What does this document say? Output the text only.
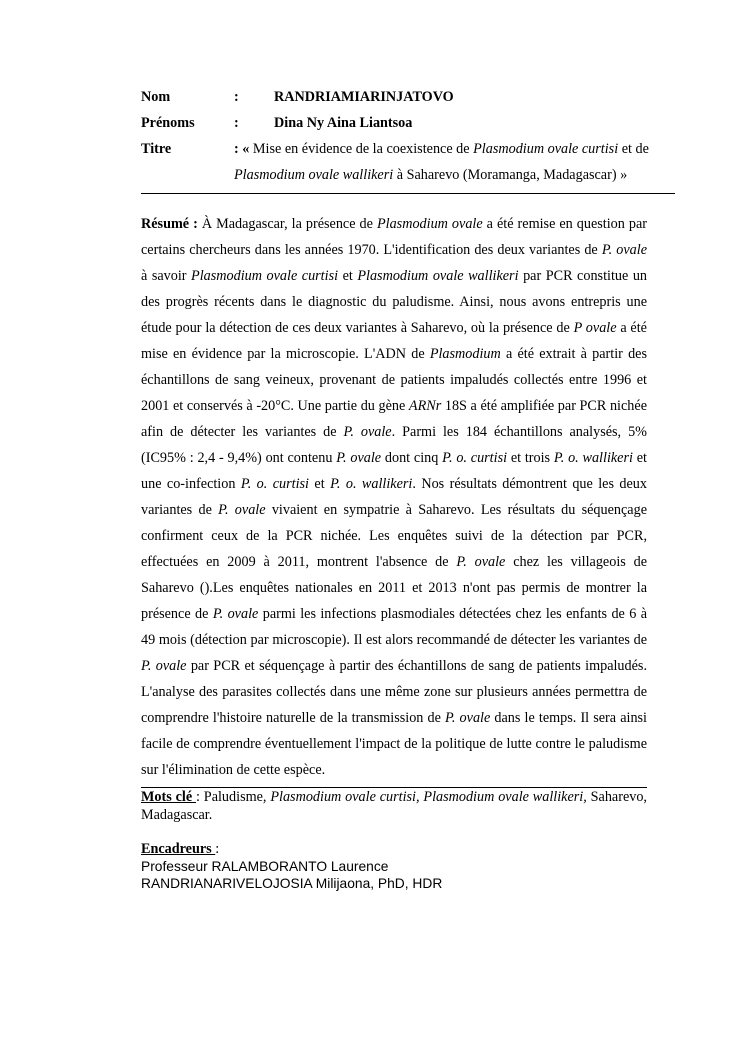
Nom	: RANDRIAMIARINJATOVO
Prénoms	: Dina Ny Aina Liantsoa
Titre	: « Mise en évidence de la coexistence de Plasmodium ovale curtisi et de Plasmodium ovale wallikeri à Saharevo (Moramanga, Madagascar) »
Résumé : À Madagascar, la présence de Plasmodium ovale a été remise en question par certains chercheurs dans les années 1970. L'identification des deux variantes de P. ovale à savoir Plasmodium ovale curtisi et Plasmodium ovale wallikeri par PCR constitue un des progrès récents dans le diagnostic du paludisme. Ainsi, nous avons entrepris une étude pour la détection de ces deux variantes à Saharevo, où la présence de P ovale a été mise en évidence par la microscopie. L'ADN de Plasmodium a été extrait à partir des échantillons de sang veineux, provenant de patients impaludés collectés entre 1996 et 2001 et conservés à -20°C. Une partie du gène ARNr 18S a été amplifiée par PCR nichée afin de détecter les variantes de P. ovale. Parmi les 184 échantillons analysés, 5% (IC95% : 2,4 - 9,4%) ont contenu P. ovale dont cinq P. o. curtisi et trois P. o. wallikeri et une co-infection P. o. curtisi et P. o. wallikeri. Nos résultats démontrent que les deux variantes de P. ovale vivaient en sympatrie à Saharevo. Les résultats du séquençage confirment ceux de la PCR nichée. Les enquêtes suivi de la détection par PCR, effectuées en 2009 à 2011, montrent l'absence de P. ovale chez les villageois de Saharevo ().Les enquêtes nationales en 2011 et 2013 n'ont pas permis de montrer la présence de P. ovale parmi les infections plasmodiales détectées chez les enfants de 6 à 49 mois (détection par microscopie). Il est alors recommandé de détecter les variantes de P. ovale par PCR et séquençage à partir des échantillons de sang de patients impaludés. L'analyse des parasites collectés dans une même zone sur plusieurs années permettra de comprendre l'histoire naturelle de la transmission de P. ovale dans le temps. Il sera ainsi facile de comprendre éventuellement l'impact de la politique de lutte contre le paludisme sur l'élimination de cette espèce.
Mots clé : Paludisme, Plasmodium ovale curtisi, Plasmodium ovale wallikeri, Saharevo, Madagascar.
Encadreurs :
Professeur RALAMBORANTO Laurence
RANDRIANARIVELOJOSIA Milijaona, PhD, HDR
